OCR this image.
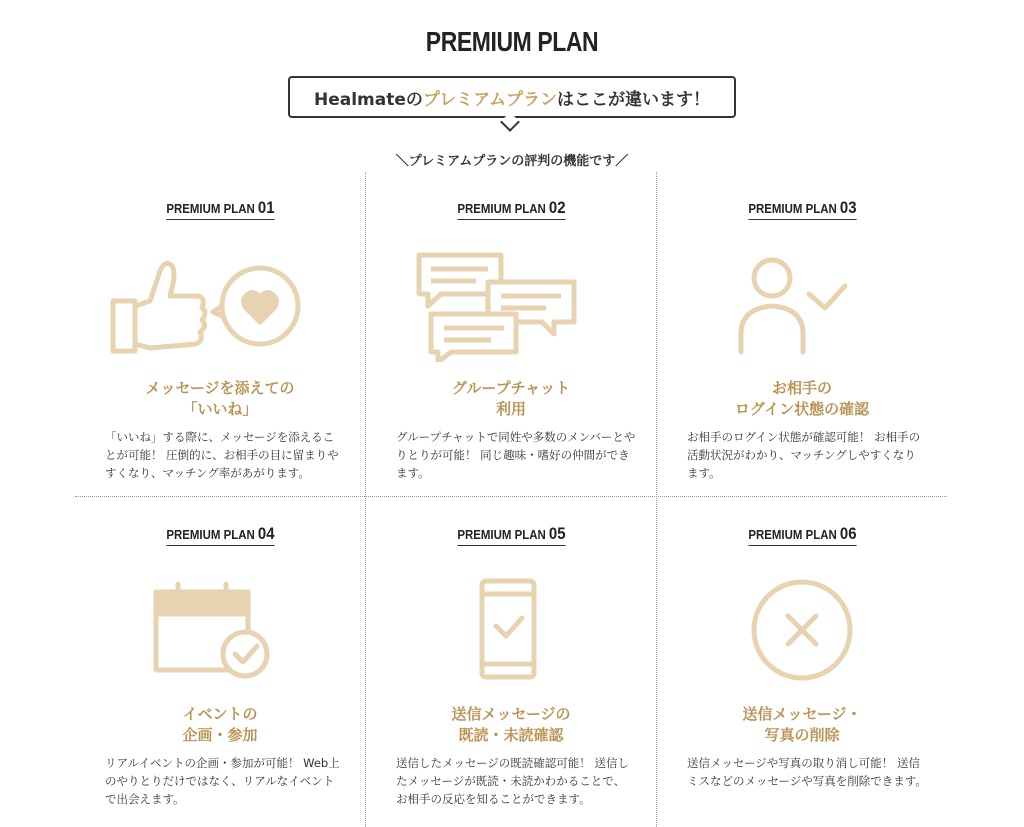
PREMIUM PLAN
Healmateの プレミアムプラン はここが違います！
＼プレミアムプランの評判の機能です／
PREMIUM PLAN 01
メッセージを添えての
「いいね」
「いいね」する際に、メッセージを添えることが可能！ 圧倒的に、お相手の目に留まりやすくなり、マッチング率があがります。
PREMIUM PLAN 02
グループチャット
利用
グループチャットで同姓や多数のメンバーとやりとりが可能！ 同じ趣味・嗜好の仲間ができます。
PREMIUM PLAN 03
お相手の
ログイン状態の確認
お相手のログイン状態が確認可能！ お相手の活動状況がわかり、マッチングしやすくなります。
PREMIUM PLAN 04
イベントの
企画・参加
リアルイベントの企画・参加が可能！ Web上のやりとりだけではなく、リアルなイベントで出会えます。
PREMIUM PLAN 05
送信メッセージの
既読・未読確認
送信したメッセージの既読確認可能！ 送信したメッセージが既読・未読かわかることで、お相手の反応を知ることができます。
PREMIUM PLAN 06
送信メッセージ・
写真の削除
送信メッセージや写真の取り消し可能！ 送信ミスなどのメッセージや写真を削除できます。
